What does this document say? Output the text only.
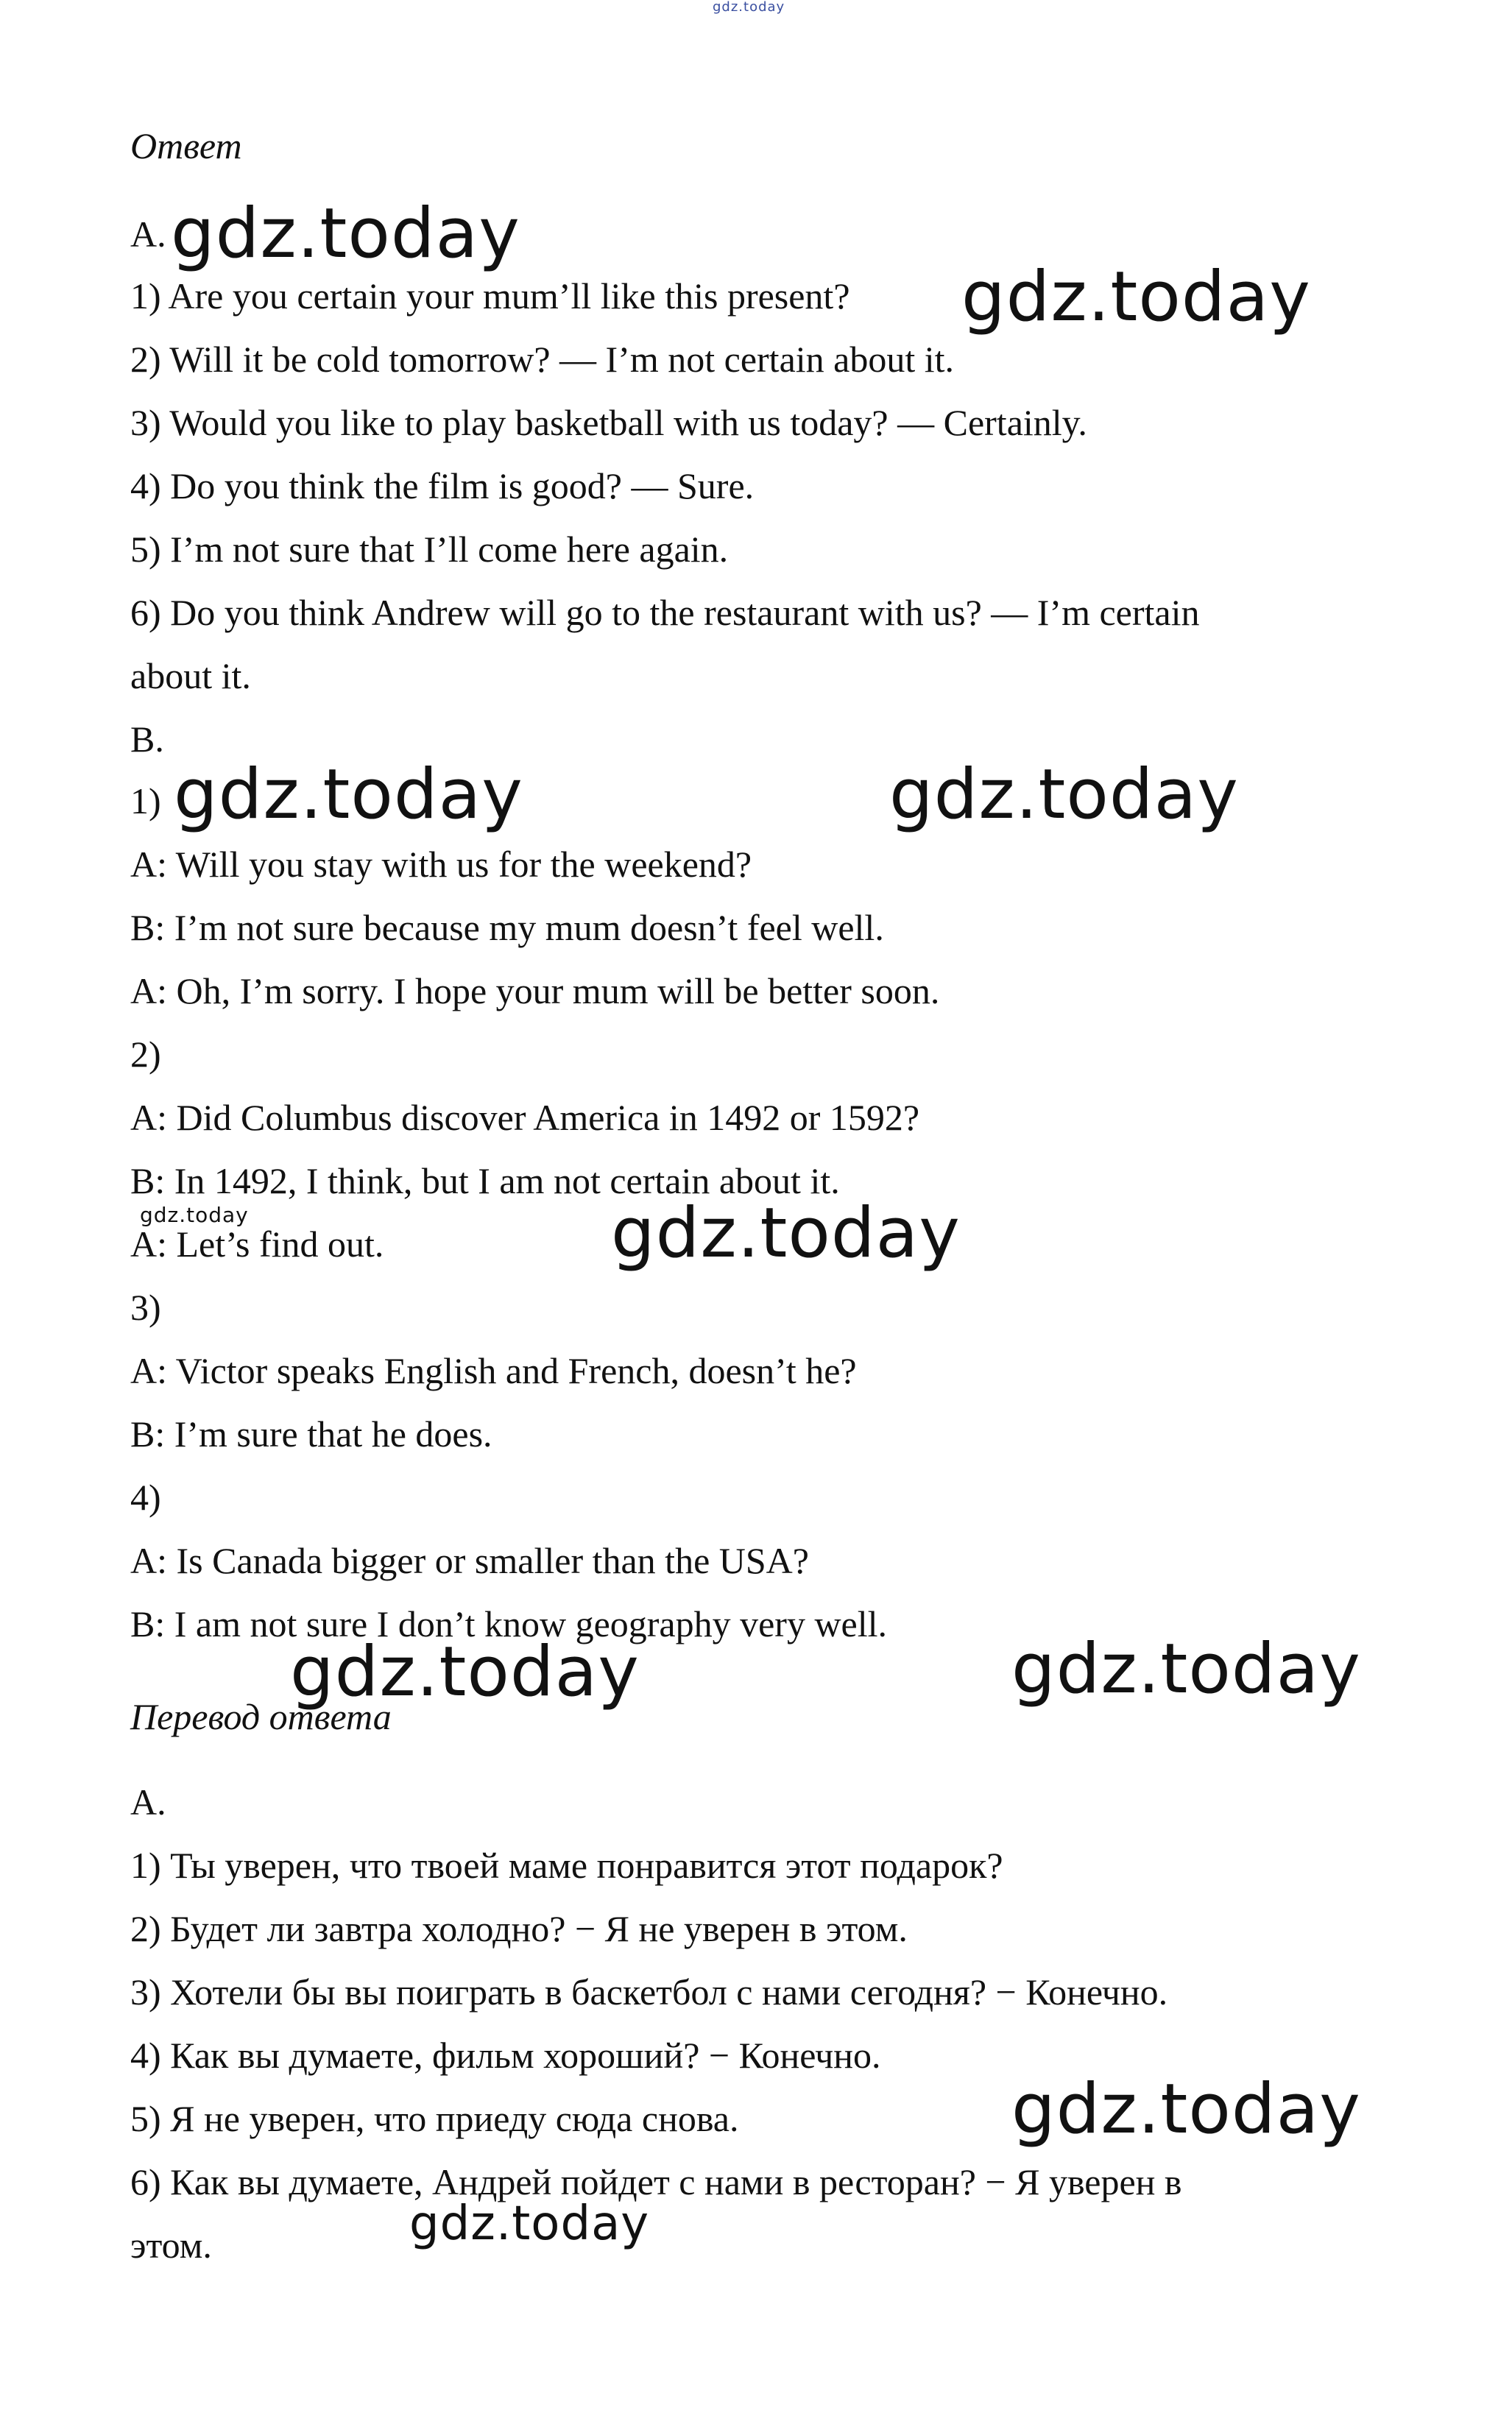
gdz.today
Ответ
A. gdz.today
1) Are you certain your mum’ll like this present? gdz.today
2) Will it be cold tomorrow? — I’m not certain about it.
3) Would you like to play basketball with us today? — Certainly.
4) Do you think the film is good? — Sure.
5) I’m not sure that I’ll come here again.
6) Do you think Andrew will go to the restaurant with us? — I’m certain
about it.
B.
1) gdz.today	gdz.today
A: Will you stay with us for the weekend?
B: I’m not sure because my mum doesn’t feel well.
A: Oh, I’m sorry. I hope your mum will be better soon.
2)
A: Did Columbus discover America in 1492 or 1592?
B: In 1492, I think, but I am not certain about it.
gdz.today
A: Let’s find out.	gdz.today
3)
A: Victor speaks English and French, doesn’t he?
B: I’m sure that he does.
4)
A: Is Canada bigger or smaller than the USA?
B: I am not sure I don’t know geography very well.
gdz.today	gdz.today
Перевод ответа
А.
1) Ты уверен, что твоей маме понравится этот подарок?
2) Будет ли завтра холодно? − Я не уверен в этом.
3) Хотели бы вы поиграть в баскетбол с нами сегодня? − Конечно.
4) Как вы думаете, фильм хороший? − Конечно.
5) Я не уверен, что приеду сюда снова.	gdz.today
6) Как вы думаете, Андрей пойдет с нами в ресторан? − Я уверен в
gdz.today
этом.
